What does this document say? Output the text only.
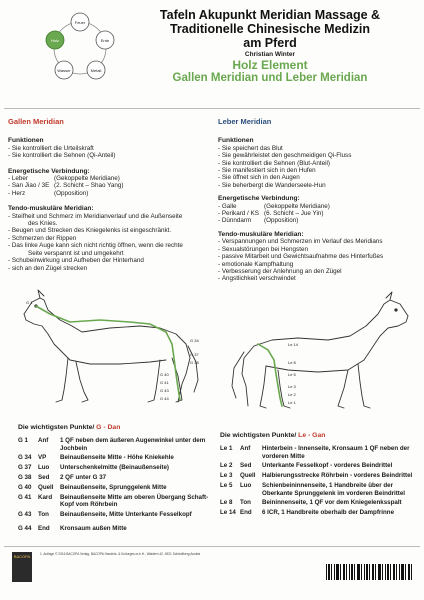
Feuer
Erde
Metall
Wasser
Holz
Tafeln Akupunkt Meridian Massage &
Traditionelle Chinesische Medizin
am Pferd
Christian Winter
Holz Element
Gallen Meridian und Leber Meridian
Gallen Meridian
Funktionen
- Sie kontrolliert die Urteilskraft
- Sie kontrolliert die Sehnen (Qi-Anteil)
Energetische Verbindung:
- Leber	(Gekoppelte Meridiane)
- San Jiao / 3E (2. Schicht – Shao Yang)
- Herz	(Opposition)
Tendo-muskuläre Meridian:
- Steifheit und Schmerz im Meridianverlauf und die Außenseite
des Knies.
- Beugen und Strecken des Kniegelenks ist eingeschränkt.
- Schmerzen der Rippen
- Das linke Auge kann sich nicht richtig öffnen, wenn die rechte
Seite verspannt ist und umgekehrt
- Schubeinwirkung und Aufheben der Hinterhand
- sich an den Zügel strecken
Leber Meridian
Funktionen
- Sie speichert das Blut
- Sie gewährleistet den geschmeidigen Qi-Fluss
- Sie kontrolliert die Sehnen (Blut-Anteil)
- Sie manifestiert sich in den Hufen
- Sie öffnet sich in den Augen
- Sie beherbergt die Wanderseele-Hun
Energetische Verbindung:
- Galle	(Gekoppelte Meridiane)
- Perikard / KS (6. Schicht – Jue Yin)
- Dünndarm	(Opposition)
Tendo-muskuläre Meridian:
- Verspannungen und Schmerzen im Verlauf des Meridians
- Sexualstörungen bei Hengsten
- passive Mitarbeit und Gewichtsaufnahme des Hinterfußes
- emotionale Kampfhaltung
- Verbesserung der Anlehnung an den Zügel
- Ängstlichkeit verschwindet
G 1
G 34
G 37
G 38
G 40
G 41
G 43
G 44
Le 14
Le 8
Le 5
Le 3
Le 2
Le 1
Die wichtigsten Punkte/ G - Dan
G 1	Anf	1 QF neben dem äußeren Augenwinkel unter dem Jochbein
G 34	VP	Beinaußenseite Mitte - Höhe Kniekehle
G 37	Luo	Unterschenkelmitte (Beinaußenseite)
G 38	Sed	2 QF unter G 37
G 40	Quell	Beinaußenseite, Sprunggelenk Mitte
G 41	Kard	Beinaußenseite Mitte am oberen Übergang Schaft-Kopf vom Röhrbein
G 43	Ton	Beinaußenseite, Mitte Unterkante Fesselkopf
G 44	End	Kronsaum außen Mitte
Die wichtigsten Punkte/ Le - Gan
Le 1	Anf	Hinterbein - Innenseite, Kronsaum 1 QF neben der vorderen Mitte
Le 2	Sed	Unterkante Fesselkopf - vorderes Beindrittel
Le 3	Quell	Halbierungsstrecke Röhrbein - vorderes Beindrittel
Le 5	Luo	Schienbeininnenseite, 1 Handbreite über der Oberkante Sprunggelenk im vorderen Beindrittel
Le 8	Ton	Beininnenseite, 1 QF vor dem Kniegelenksspalt
Le 14 End	6 ICR, 1 Handbreite oberhalb der Dampfrinne
BACOPA	1. Auflage © 2016 BACOPA Verlag, BACOPA Handels- & Kulturges.m.b.H., Waidern 42, 4521 Schiedlberg Austria
